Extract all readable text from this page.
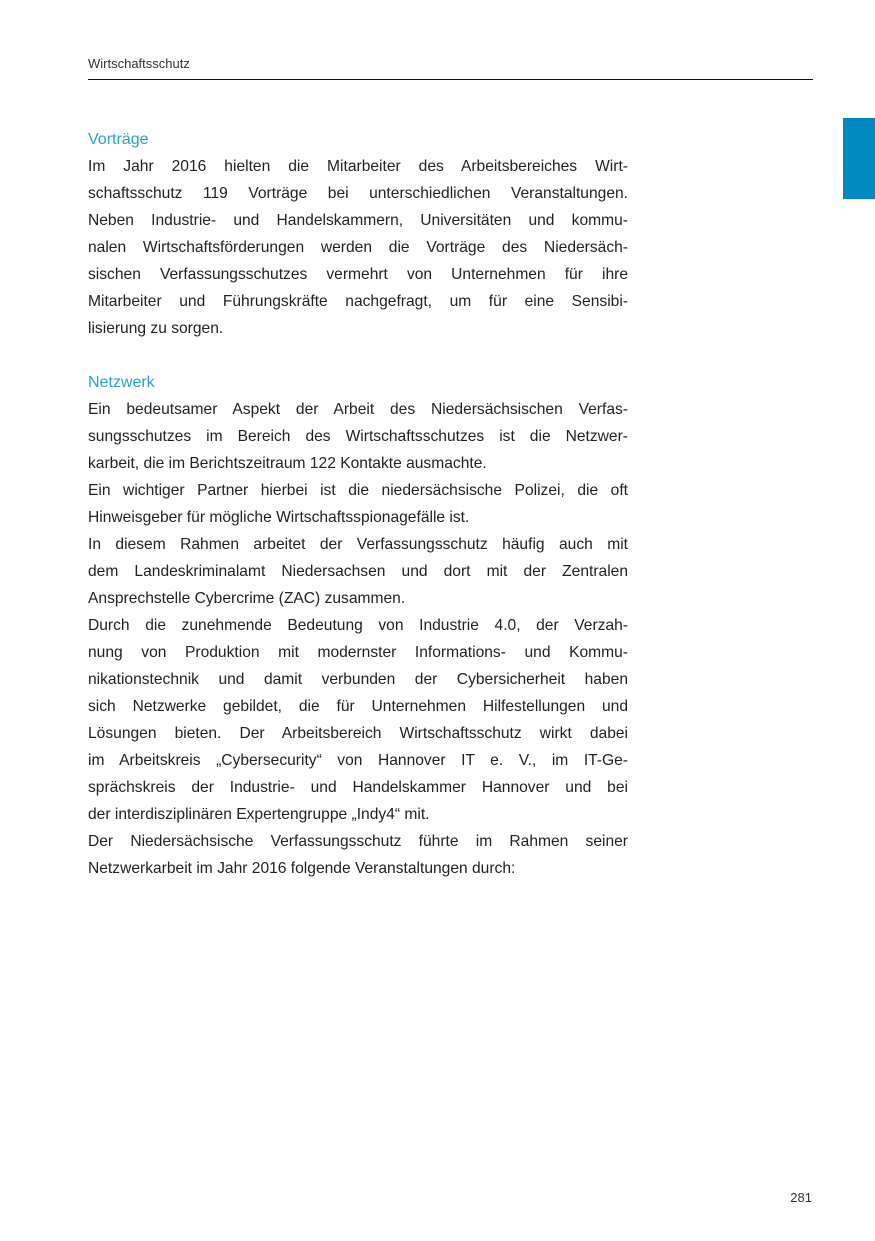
Wirtschaftsschutz
Vorträge
Im Jahr 2016 hielten die Mitarbeiter des Arbeitsbereiches Wirt-
schaftsschutz 119 Vorträge bei unterschiedlichen Veranstaltungen.
Neben Industrie- und Handelskammern, Universitäten und kommu-
nalen Wirtschaftsförderungen werden die Vorträge des Niedersäch-
sischen Verfassungsschutzes vermehrt von Unternehmen für ihre
Mitarbeiter und Führungskräfte nachgefragt, um für eine Sensibi-
lisierung zu sorgen.
Netzwerk
Ein bedeutsamer Aspekt der Arbeit des Niedersächsischen Verfas-
sungsschutzes im Bereich des Wirtschaftsschutzes ist die Netzwer-
karbeit, die im Berichtszeitraum 122 Kontakte ausmachte.
Ein wichtiger Partner hierbei ist die niedersächsische Polizei, die oft
Hinweisgeber für mögliche Wirtschaftsspionagefälle ist.
In diesem Rahmen arbeitet der Verfassungsschutz häufig auch mit
dem Landeskriminalamt Niedersachsen und dort mit der Zentralen
Ansprechstelle Cybercrime (ZAC) zusammen.
Durch die zunehmende Bedeutung von Industrie 4.0, der Verzah-
nung von Produktion mit modernster Informations- und Kommu-
nikationstechnik und damit verbunden der Cybersicherheit haben
sich Netzwerke gebildet, die für Unternehmen Hilfestellungen und
Lösungen bieten. Der Arbeitsbereich Wirtschaftsschutz wirkt dabei
im Arbeitskreis „Cybersecurity“ von Hannover IT e. V., im IT-Ge-
sprächskreis der Industrie- und Handelskammer Hannover und bei
der interdisziplinären Expertengruppe „Indy4“ mit.
Der Niedersächsische Verfassungsschutz führte im Rahmen seiner
Netzwerkarbeit im Jahr 2016 folgende Veranstaltungen durch:
281
